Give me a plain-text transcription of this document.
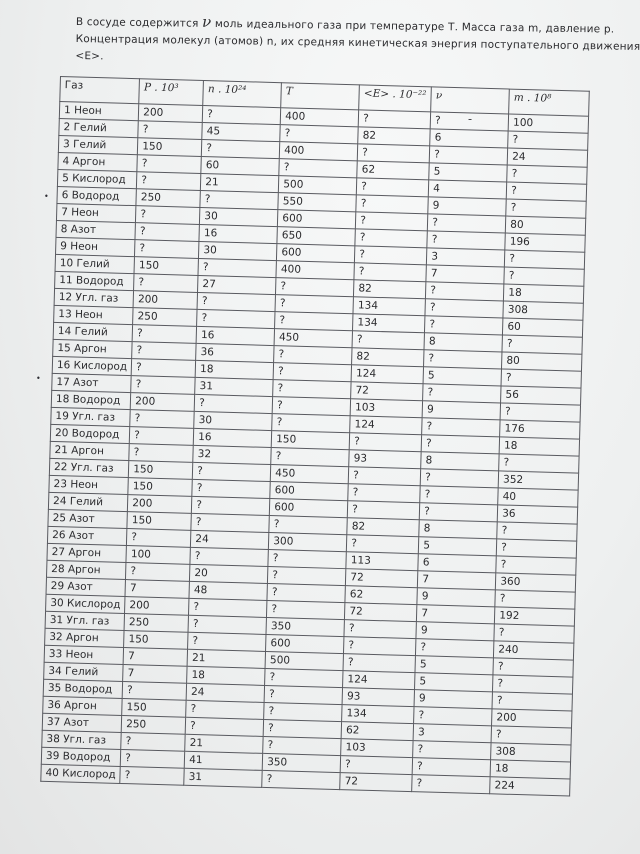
В сосуде содержится ν моль идеального газа при температуре Т. Масса газа m, давление р.
Концентрация молекул (атомов) n, их средняя кинетическая энергия поступательного движения
<E>.
Газ	P . 10³	n . 10²⁴	T	<E> . 10⁻²²	ν	m . 10⁸
1 Неон	200	?	400	?	?	100
2 Гелий	?	45	?	82	6	?
3 Гелий	150	?	400	?	?	24
4 Аргон	?	60	?	62	5	?
5 Кислород	?	21	500	?	4	?
6 Водород	250	?	550	?	9	?
7 Неон	?	30	600	?	?	80
8 Азот	?	16	650	?	?	196
9 Неон	?	30	600	?	3	?
10 Гелий	150	?	400	?	7	?
11 Водород	?	27	?	82	?	18
12 Угл. газ	200	?	?	134	?	308
13 Неон	250	?	?	134	?	60
14 Гелий	?	16	450	?	8	?
15 Аргон	?	36	?	82	?	80
16 Кислород	?	18	?	124	5	?
17 Азот	?	31	?	72	?	56
18 Водород	200	?	?	103	9	?
19 Угл. газ	?	30	?	124	?	176
20 Водород	?	16	150	?	?	18
21 Аргон	?	32	?	93	8	?
22 Угл. газ	150	?	450	?	?	352
23 Неон	150	?	600	?	?	40
24 Гелий	200	?	600	?	?	36
25 Азот	150	?	?	82	8	?
26 Азот	?	24	300	?	5	?
27 Аргон	100	?	?	113	6	?
28 Аргон	?	20	?	72	7	360
29 Азот	7	48	?	62	9	?
30 Кислород	200	?	?	72	7	192
31 Угл. газ	250	?	350	?	9	?
32 Аргон	150	?	600	?	?	240
33 Неон	7	21	500	?	5	?
34 Гелий	7	18	?	124	5	?
35 Водород	?	24	?	93	9	?
36 Аргон	150	?	?	134	?	200
37 Азот	250	?	?	62	3	?
38 Угл. газ	?	21	?	103	?	308
39 Водород	?	41	350	?	?	18
40 Кислород	?	31	?	72	?	224
-
•
•
